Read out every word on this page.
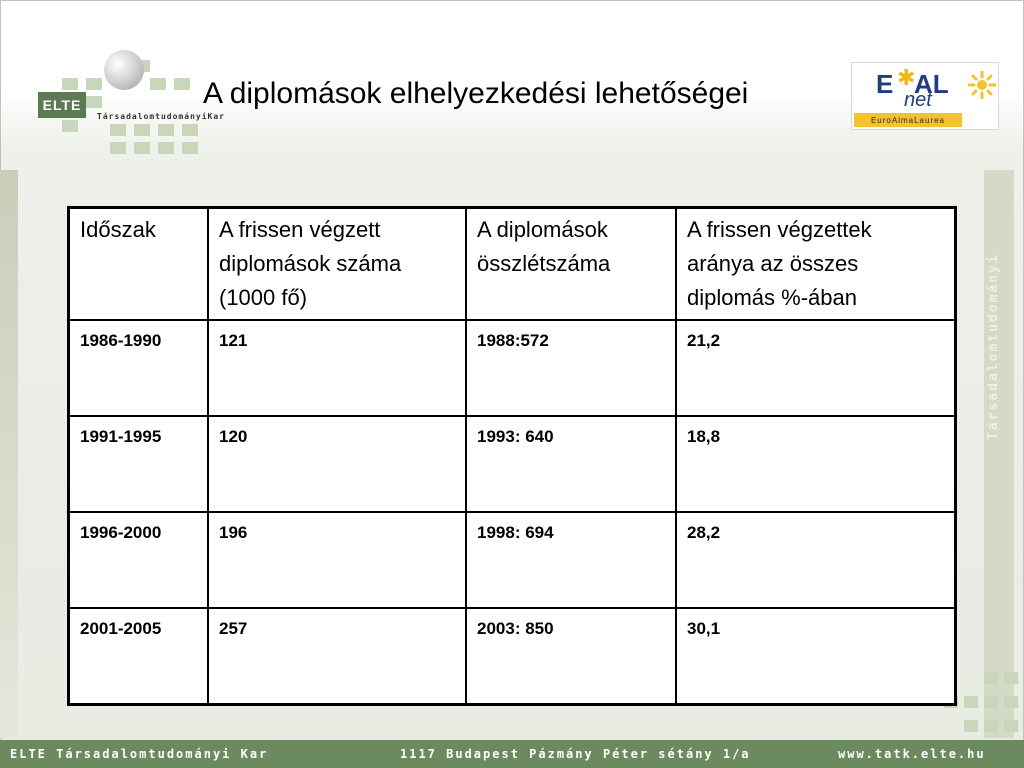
Társadalomtudományi
ELTE
TársadalomtudományiKar
A diplomások elhelyezkedési lehetőségei	E ✱
AL
net
EuroAlmaLaurea
Időszak	A frissen végzett diplomások száma (1000 fő)	A diplomások összlétszáma	A frissen végzettek aránya az összes diplomás %-ában
1986-1990	121	1988:572	21,2
1991-1995	120	1993: 640	18,8
1996-2000	196	1998: 694	28,2
2001-2005	257	2003: 850	30,1
ELTE Társadalomtudományi Kar	1117 Budapest Pázmány Péter sétány 1/a	www.tatk.elte.hu
